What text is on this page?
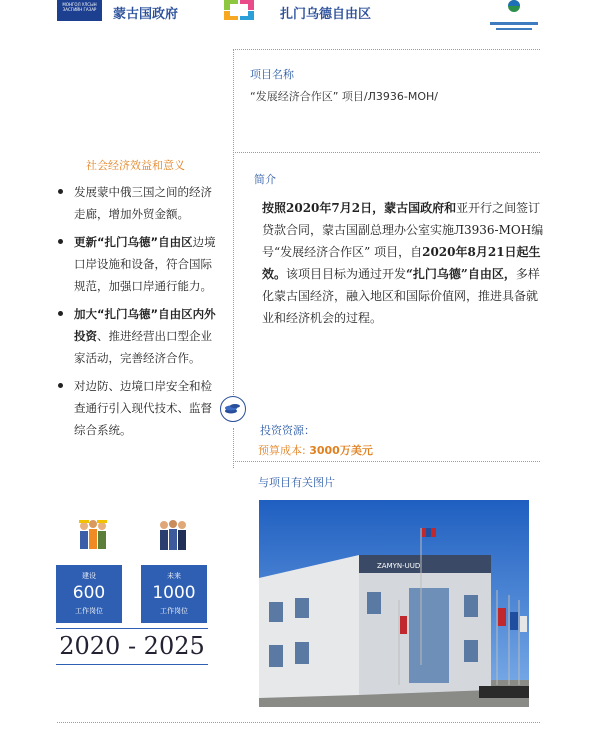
МОНГОЛ УЛСЫН ЗАСГИЙН ГАЗАР	蒙古国政府	扎门乌德自由区
项目名称
“发展经济合作区” 项目/Л3936-MOH/
简介
按照2020年7月2日，蒙古国政府和亚开行之间签订贷款合同，蒙古国副总理办公室实施Л3936-MOH编号“发展经济合作区” 项目，自2020年8月21日起生效。该项目目标为通过开发“扎门乌德”自由区，多样化蒙古国经济，融入地区和国际价值网，推进具备就业和经济机会的过程。
投资资源：
预算成本: 3000万美元
与项目有关图片
社会经济效益和意义
发展蒙中俄三国之间的经济走廊，增加外贸金额。
更新“扎门乌德”自由区边境口岸设施和设备，符合国际规范，加强口岸通行能力。
加大“扎门乌德”自由区内外投资、推进经营出口型企业家活动，完善经济合作。
对边防、边境口岸安全和检查通行引入现代技术、监督综合系统。
建设
600
工作岗位
未来
1000
工作岗位
2020 - 2025
ZAMYN-UUD
